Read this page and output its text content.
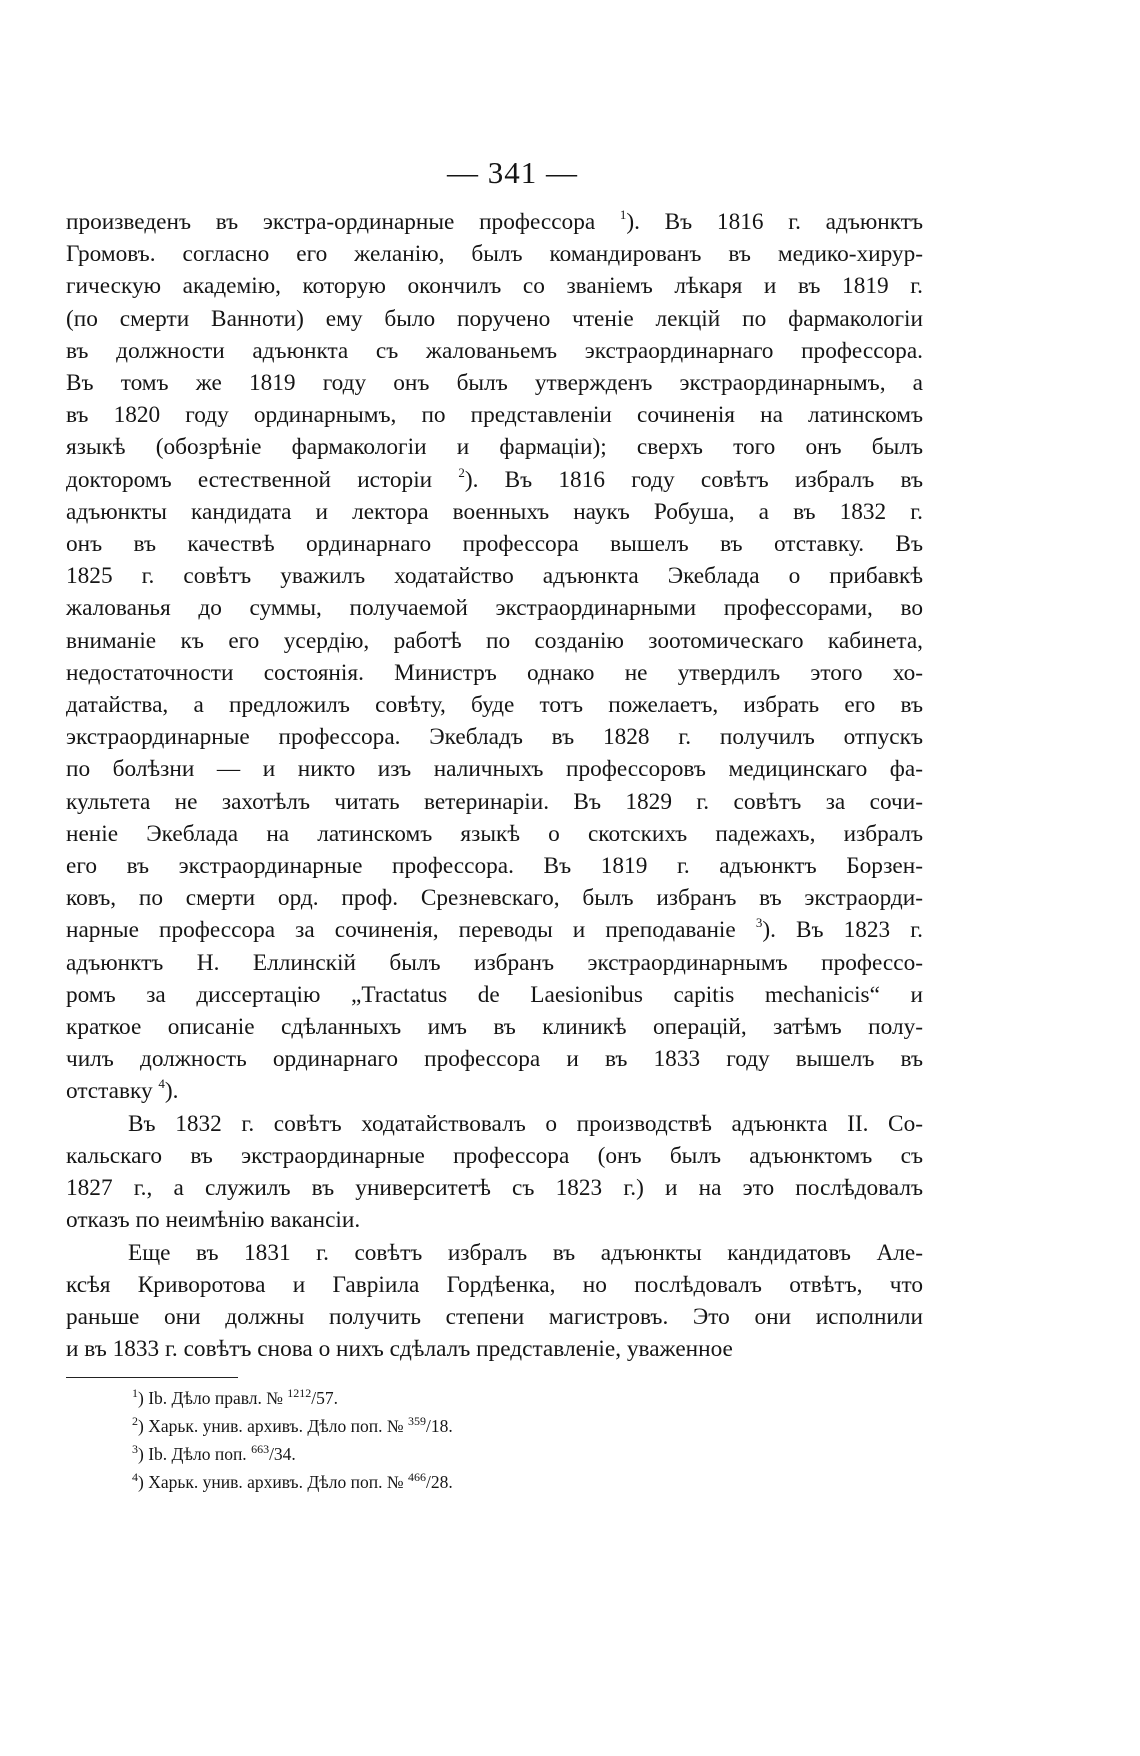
— 341 —
произведенъ въ экстра-ординарные профессора $^1$). Въ 1816 г. адъюнктъ
Громовъ. согласно его желанію, былъ командированъ въ медико-хирур-
гическую академію, которую окончилъ со званіемъ лѣкаря и въ 1819 г.
(по смерти Ваннoти) ему было поручено чтеніе лекцій по фармакологіи
въ должности адъюнкта съ жалованьемъ экстраординарнаго профессора.
Въ томъ же 1819 году онъ былъ утвержденъ экстраординарнымъ, а
въ 1820 году ординарнымъ, по представленіи сочиненія на латинскомъ
языкѣ (обозрѣніе фармакологіи и фармаціи); сверхъ того онъ былъ
докторомъ естественной исторіи $^2$). Въ 1816 году совѣтъ избралъ въ
адъюнкты кандидата и лектора военныхъ наукъ Робуша, а въ 1832 г.
онъ въ качествѣ ординарнаго профессора вышелъ въ отставку. Въ
1825 г. совѣтъ уважилъ ходатайство адъюнкта Экеблада о прибавкѣ
жалованья до суммы, получаемой экстраординарными профессорами, во
вниманіе къ его усердію, работѣ по созданію зоотомическаго кабинета,
недостаточности состоянія. Министръ однако не утвердилъ этого хо-
датайства, а предложилъ совѣту, буде тотъ пожелаетъ, избрать его въ
экстраординарные профессора. Экебладъ въ 1828 г. получилъ отпускъ
по болѣзни — и никто изъ наличныхъ профессоровъ медицинскаго фа-
культета не захотѣлъ читать ветеринаріи. Въ 1829 г. совѣтъ за сочи-
неніе Экеблада на латинскомъ языкѣ о скотскихъ падежахъ, избралъ
его въ экстраординарные профессора. Въ 1819 г. адъюнктъ Борзен-
ковъ, по смерти орд. проф. Срезневскаго, былъ избранъ въ экстраорди-
нарные профессора за сочиненія, переводы и преподаваніе $^3$). Въ 1823 г.
адъюнктъ Н. Еллинскій былъ избранъ экстраординарнымъ профессо-
ромъ за диссертацію „Tractatus de Laesionibus capitis mechanicis“ и
краткое описаніе сдѣланныхъ имъ въ клиникѣ операцій, затѣмъ полу-
чилъ должность ординарнаго профессора и въ 1833 году вышелъ въ
отставку $^4$).
Въ 1832 г. совѣтъ ходатайствовалъ о производствѣ адъюнкта II. Со-
кальскаго въ экстраординарные профессора (онъ былъ адъюнктомъ съ
1827 г., а служилъ въ университетѣ съ 1823 г.) и на это послѣдовалъ
отказъ по неимѣнію вакансіи.
Еще въ 1831 г. совѣтъ избралъ въ адъюнкты кандидатовъ Але-
ксѣя Криворотова и Гавріила Гордѣенка, но послѣдовалъ отвѣтъ, что
раньше они должны получить степени магистровъ. Это они исполнили
и въ 1833 г. совѣтъ снова о нихъ сдѣлалъ представленіе, уваженное
$^1$) Ib. Дѣло правл. № $^{1212}$/57.
$^2$) Харьк. унив. архивъ. Дѣло поп. № $^{359}$/18.
$^3$) Ib. Дѣло поп. $^{663}$/34.
$^4$) Харьк. унив. архивъ. Дѣло поп. № $^{466}$/28.
